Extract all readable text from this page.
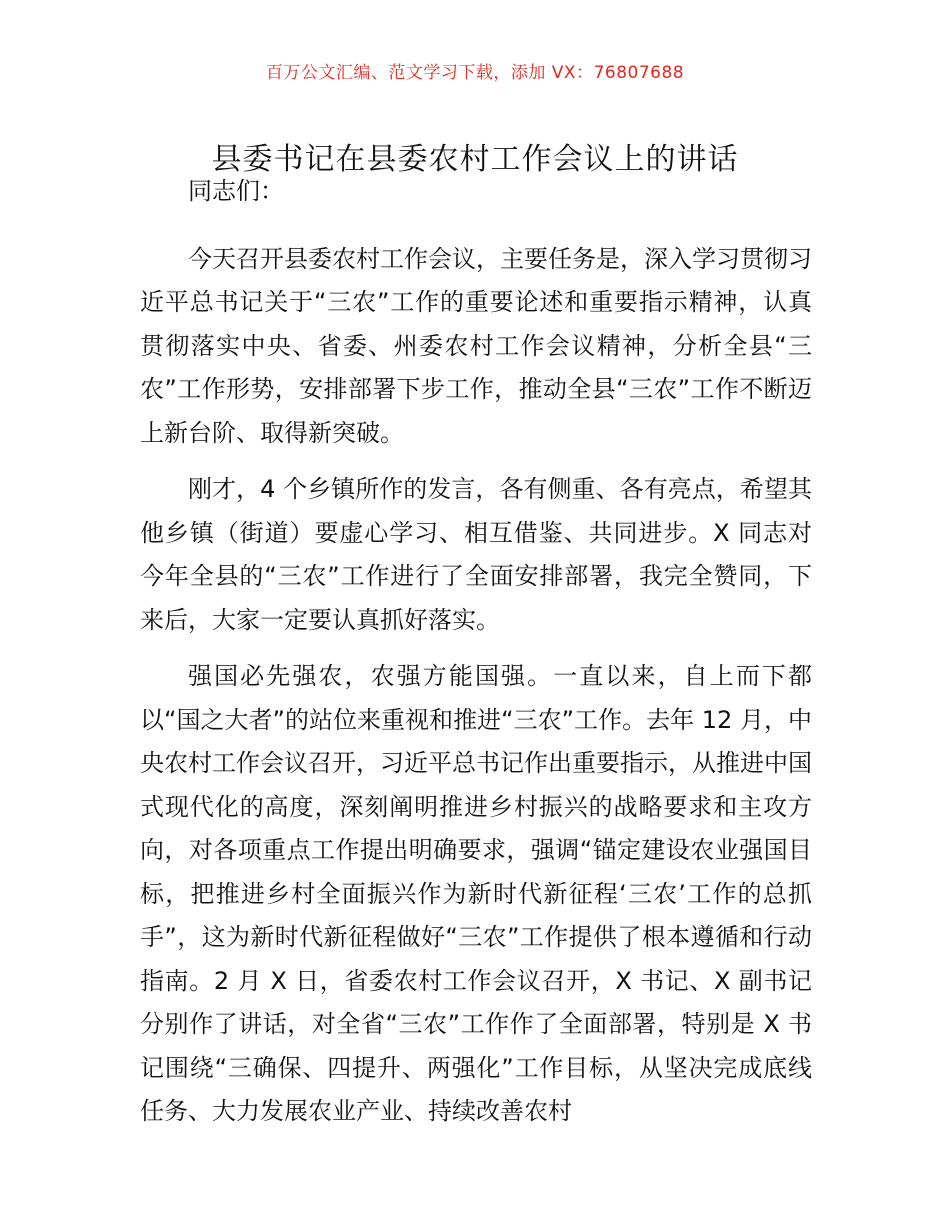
百万公文汇编、范文学习下载，添加 VX：76807688
县委书记在县委农村工作会议上的讲话

同志们：

今天召开县委农村工作会议，主要任务是，深入学习贯彻习近平总书记关于“三农”工作的重要论述和重要指示精神，认真贯彻落实中央、省委、州委农村工作会议精神，分析全县“三农”工作形势，安排部署下步工作，推动全县“三农”工作不断迈上新台阶、取得新突破。

刚才，4 个乡镇所作的发言，各有侧重、各有亮点，希望其他乡镇（街道）要虚心学习、相互借鉴、共同进步。X 同志对今年全县的“三农”工作进行了全面安排部署，我完全赞同，下来后，大家一定要认真抓好落实。

强国必先强农，农强方能国强。一直以来，自上而下都以“国之大者”的站位来重视和推进“三农”工作。去年 12 月，中央农村工作会议召开，习近平总书记作出重要指示，从推进中国式现代化的高度，深刻阐明推进乡村振兴的战略要求和主攻方向，对各项重点工作提出明确要求，强调“锚定建设农业强国目标，把推进乡村全面振兴作为新时代新征程‘三农’工作的总抓手”，这为新时代新征程做好“三农”工作提供了根本遵循和行动指南。2 月 X 日，省委农村工作会议召开，X 书记、X 副书记分别作了讲话，对全省“三农”工作作了全面部署，特别是 X 书记围绕“三确保、四提升、两强化”工作目标，从坚决完成底线任务、大力发展农业产业、持续改善农村
